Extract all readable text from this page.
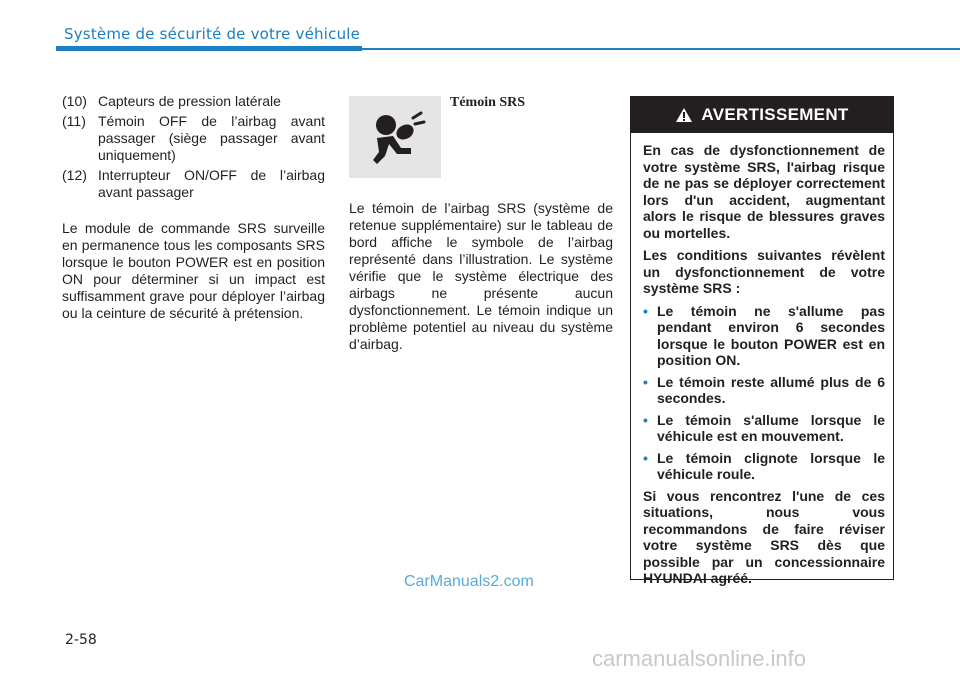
Système de sécurité de votre véhicule
(10) Capteurs de pression latérale
(11) Témoin OFF de l’airbag avant passager (siège passager avant uniquement)
(12) Interrupteur ON/OFF de l’airbag avant passager
Le module de commande SRS surveille en permanence tous les composants SRS lorsque le bouton POWER est en position ON pour déterminer si un impact est suffisamment grave pour déployer l’airbag ou la ceinture de sécurité à prétension.
Témoin SRS
Le témoin de l’airbag SRS (système de retenue supplémentaire) sur le tableau de bord affiche le symbole de l’airbag représenté dans l’illustration. Le système vérifie que le système électrique des airbags ne présente aucun dysfonctionnement. Le témoin indique un problème potentiel au niveau du système d’airbag.
AVERTISSEMENT

En cas de dysfonctionnement de votre système SRS, l'airbag risque de ne pas se déployer correctement lors d'un accident, augmentant alors le risque de blessures graves ou mortelles.

Les conditions suivantes révèlent un dysfonctionnement de votre système SRS :

• Le témoin ne s'allume pas pendant environ 6 secondes lorsque le bouton POWER est en position ON.
• Le témoin reste allumé plus de 6 secondes.
• Le témoin s'allume lorsque le véhicule est en mouvement.
• Le témoin clignote lorsque le véhicule roule.

Si vous rencontrez l'une de ces situations, nous vous recommandons de faire réviser votre système SRS dès que possible par un concessionnaire HYUNDAI agréé.

CarManuals2.com
2-58
carmanualsonline.info
